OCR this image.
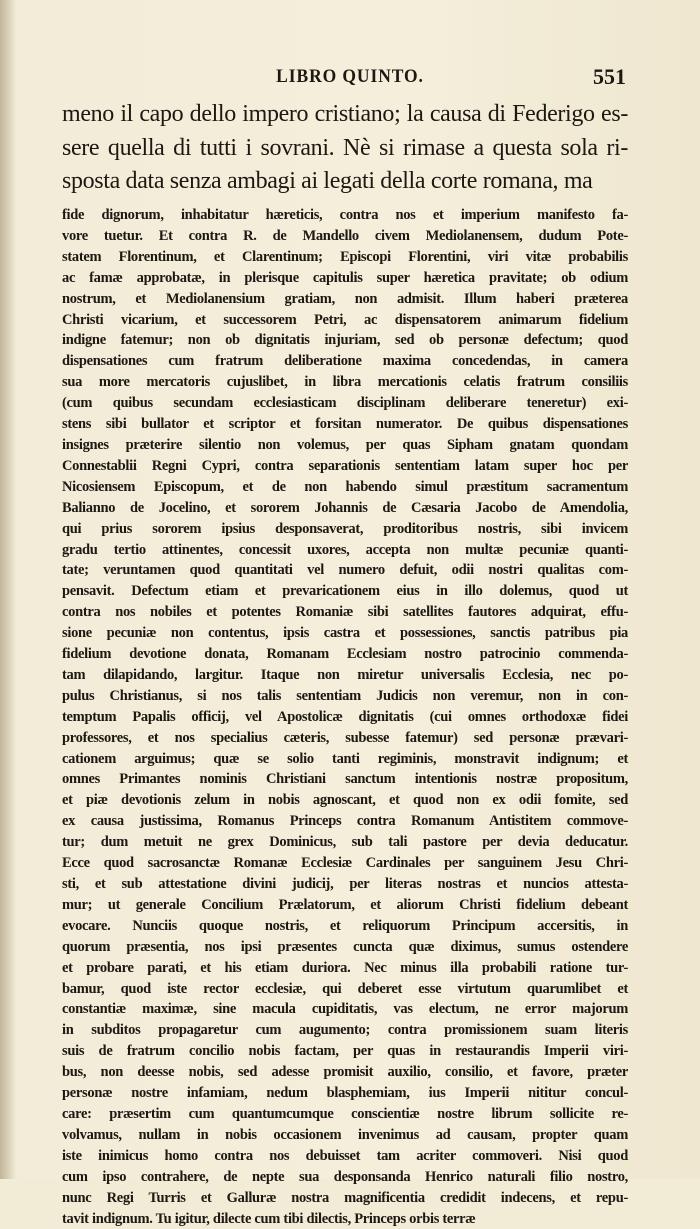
LIBRO QUINTO.	551
meno il capo dello impero cristiano; la causa di Federigo es-
sere quella di tutti i sovrani. Nè si rimase a questa sola ri-
sposta data senza ambagi ai legati della corte romana, ma
fide dignorum, inhabitatur hæreticis, contra nos et imperium manifesto fa-
vore tuetur. Et contra R. de Mandello civem Mediolanensem, dudum Pote-
statem Florentinum, et Clarentinum; Episcopi Florentini, viri vitæ probabilis
ac famæ approbatæ, in plerisque capitulis super hæretica pravitate; ob odium
nostrum, et Mediolanensium gratiam, non admisit. Illum haberi præterea
Christi vicarium, et successorem Petri, ac dispensatorem animarum fidelium
indigne fatemur; non ob dignitatis injuriam, sed ob personæ defectum; quod
dispensationes cum fratrum deliberatione maxima concedendas, in camera
sua more mercatoris cujuslibet, in libra mercationis celatis fratrum consiliis
(cum quibus secundam ecclesiasticam disciplinam deliberare teneretur) exi-
stens sibi bullator et scriptor et forsitan numerator. De quibus dispensationes
insignes præterire silentio non volemus, per quas Sipham gnatam quondam
Connestablii Regni Cypri, contra separationis sententiam latam super hoc per
Nicosiensem Episcopum, et de non habendo simul præstitum sacramentum
Balianno de Jocelino, et sororem Johannis de Cæsaria Jacobo de Amendolia,
qui prius sororem ipsius desponsaverat, proditoribus nostris, sibi invicem
gradu tertio attinentes, concessit uxores, accepta non multæ pecuniæ quanti-
tate; veruntamen quod quantitati vel numero defuit, odii nostri qualitas com-
pensavit. Defectum etiam et prevaricationem eius in illo dolemus, quod ut
contra nos nobiles et potentes Romaniæ sibi satellites fautores adquirat, effu-
sione pecuniæ non contentus, ipsis castra et possessiones, sanctis patribus pia
fidelium devotione donata, Romanam Ecclesiam nostro patrocinio commenda-
tam dilapidando, largitur. Itaque non miretur universalis Ecclesia, nec po-
pulus Christianus, si nos talis sententiam Judicis non veremur, non in con-
temptum Papalis officij, vel Apostolicæ dignitatis (cui omnes orthodoxæ fidei
professores, et nos specialius cæteris, subesse fatemur) sed personæ prævari-
cationem arguimus; quæ se solio tanti regiminis, monstravit indignum; et
omnes Primantes nominis Christiani sanctum intentionis nostræ propositum,
et piæ devotionis zelum in nobis agnoscant, et quod non ex odii fomite, sed
ex causa justissima, Romanus Princeps contra Romanum Antistitem commove-
tur; dum metuit ne grex Dominicus, sub tali pastore per devia deducatur.
Ecce quod sacrosanctæ Romanæ Ecclesiæ Cardinales per sanguinem Jesu Chri-
sti, et sub attestatione divini judicij, per literas nostras et nuncios attesta-
mur; ut generale Concilium Prælatorum, et aliorum Christi fidelium debeant
evocare. Nunciis quoque nostris, et reliquorum Principum accersitis, in
quorum præsentia, nos ipsi præsentes cuncta quæ diximus, sumus ostendere
et probare parati, et his etiam duriora. Nec minus illa probabili ratione tur-
bamur, quod iste rector ecclesiæ, qui deberet esse virtutum quarumlibet et
constantiæ maximæ, sine macula cupiditatis, vas electum, ne error majorum
in subditos propagaretur cum augumento; contra promissionem suam literis
suis de fratrum concilio nobis factam, per quas in restaurandis Imperii viri-
bus, non deesse nobis, sed adesse promisit auxilio, consilio, et favore, præter
personæ nostre infamiam, nedum blasphemiam, ius Imperii nititur concul-
care: præsertim cum quantumcumque conscientiæ nostre librum sollicite re-
volvamus, nullam in nobis occasionem invenimus ad causam, propter quam
iste inimicus homo contra nos debuisset tam acriter commoveri. Nisi quod
cum ipso contrahere, de nepte sua desponsanda Henrico naturali filio nostro,
nunc Regi Turris et Galluræ nostra magnificentia credidit indecens, et repu-
tavit indignum. Tu igitur, dilecte cum tibi dilectis, Princeps orbis terræ
